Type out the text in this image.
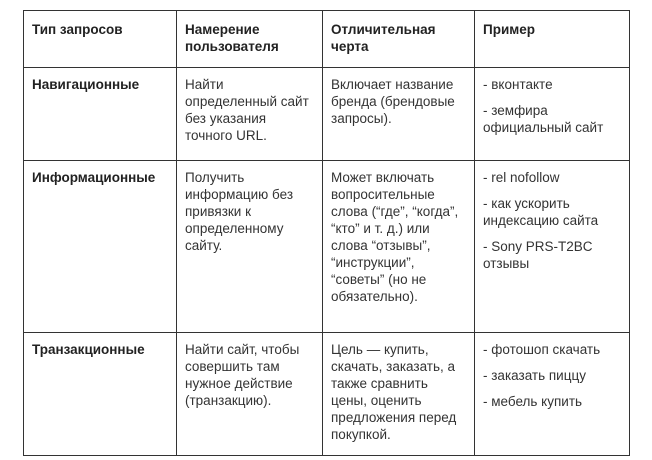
Тип запросов	Намерение пользователя	Отличительная черта	Пример
Навигационные	Найти определенный сайт без указания точного URL.	Включает название бренда (брендовые запросы).	- вконтакте
- земфира официальный сайт

Информационные	Получить информацию без привязки к определенному сайту.	Может включать вопросительные слова (“где”, “когда”, “кто” и т. д.) или слова “отзывы”, “инструкции”, “советы” (но не обязательно).	- rel nofollow
- как ускорить индексацию сайта
- Sony PRS-T2BC отзывы

Транзакционные	Найти сайт, чтобы совершить там нужное действие (транзакцию).	Цель — купить, скачать, заказать, а также сравнить цены, оценить предложения перед покупкой.	- фотошоп скачать
- заказать пиццу
- мебель купить
